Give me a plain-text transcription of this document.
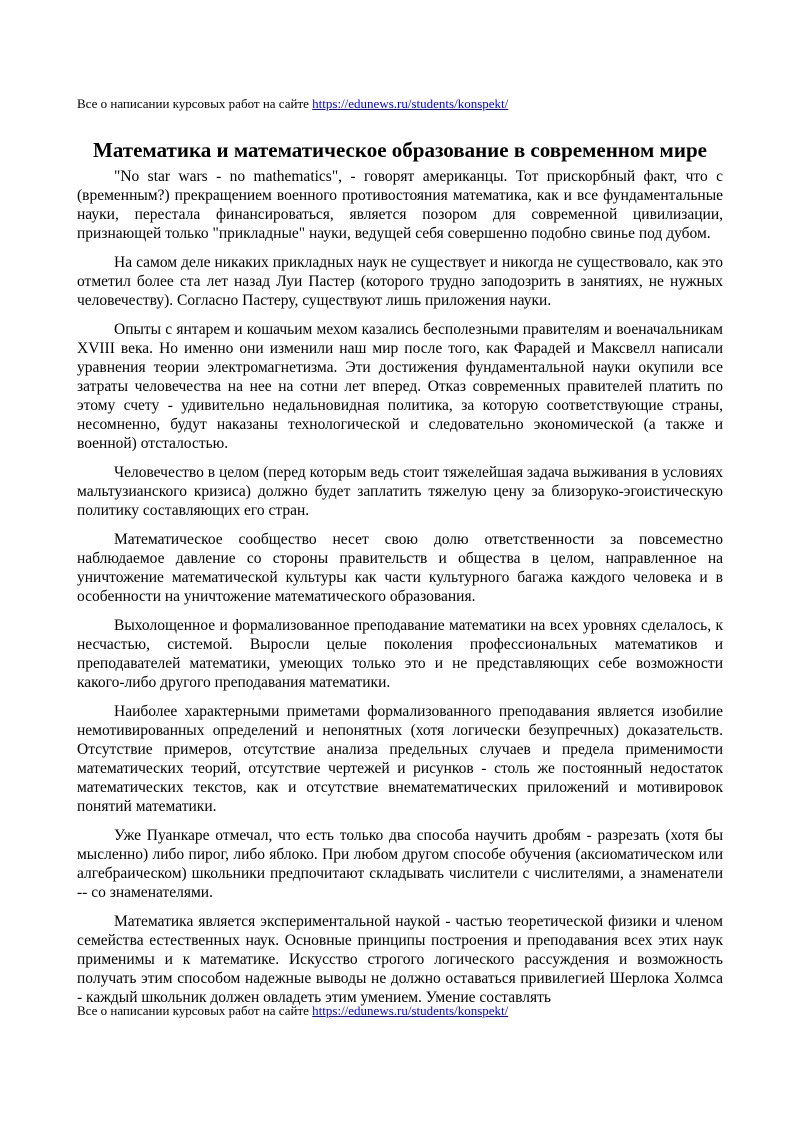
Все о написании курсовых работ на сайте https://edunews.ru/students/konspekt/
Математика и математическое образование в современном мире

"No star wars - no mathematics", - говорят американцы. Тот прискорбный факт, что с (временным?) прекращением военного противостояния математика, как и все фундаментальные науки, перестала финансироваться, является позором для современной цивилизации, признающей только "прикладные" науки, ведущей себя совершенно подобно свинье под дубом.

На самом деле никаких прикладных наук не существует и никогда не существовало, как это отметил более ста лет назад Луи Пастер (которого трудно заподозрить в занятиях, не нужных человечеству). Согласно Пастеру, существуют лишь приложения науки.

Опыты с янтарем и кошачьим мехом казались бесполезными правителям и военачальникам XVIII века. Но именно они изменили наш мир после того, как Фарадей и Максвелл написали уравнения теории электромагнетизма. Эти достижения фундаментальной науки окупили все затраты человечества на нее на сотни лет вперед. Отказ современных правителей платить по этому счету - удивительно недальновидная политика, за которую соответствующие страны, несомненно, будут наказаны технологической и следовательно экономической (а также и военной) отсталостью.

Человечество в целом (перед которым ведь стоит тяжелейшая задача выживания в условиях мальтузианского кризиса) должно будет заплатить тяжелую цену за близоруко-эгоистическую политику составляющих его стран.

Математическое сообщество несет свою долю ответственности за повсеместно наблюдаемое давление со стороны правительств и общества в целом, направленное на уничтожение математической культуры как части культурного багажа каждого человека и в особенности на уничтожение математического образования.

Выхолощенное и формализованное преподавание математики на всех уровнях сделалось, к несчастью, системой. Выросли целые поколения профессиональных математиков и преподавателей математики, умеющих только это и не представляющих себе возможности какого-либо другого преподавания математики.

Наиболее характерными приметами формализованного преподавания является изобилие немотивированных определений и непонятных (хотя логически безупречных) доказательств. Отсутствие примеров, отсутствие анализа предельных случаев и предела применимости математических теорий, отсутствие чертежей и рисунков - столь же постоянный недостаток математических текстов, как и отсутствие внематематических приложений и мотивировок понятий математики.

Уже Пуанкаре отмечал, что есть только два способа научить дробям - разрезать (хотя бы мысленно) либо пирог, либо яблоко. При любом другом способе обучения (аксиоматическом или алгебраическом) школьники предпочитают складывать числители с числителями, а знаменатели -- со знаменателями.

Математика является экспериментальной наукой - частью теоретической физики и членом семейства естественных наук. Основные принципы построения и преподавания всех этих наук применимы и к математике. Искусство строгого логического рассуждения и возможность получать этим способом надежные выводы не должно оставаться привилегией Шерлока Холмса - каждый школьник должен овладеть этим умением. Умение составлять

Все о написании курсовых работ на сайте https://edunews.ru/students/konspekt/
